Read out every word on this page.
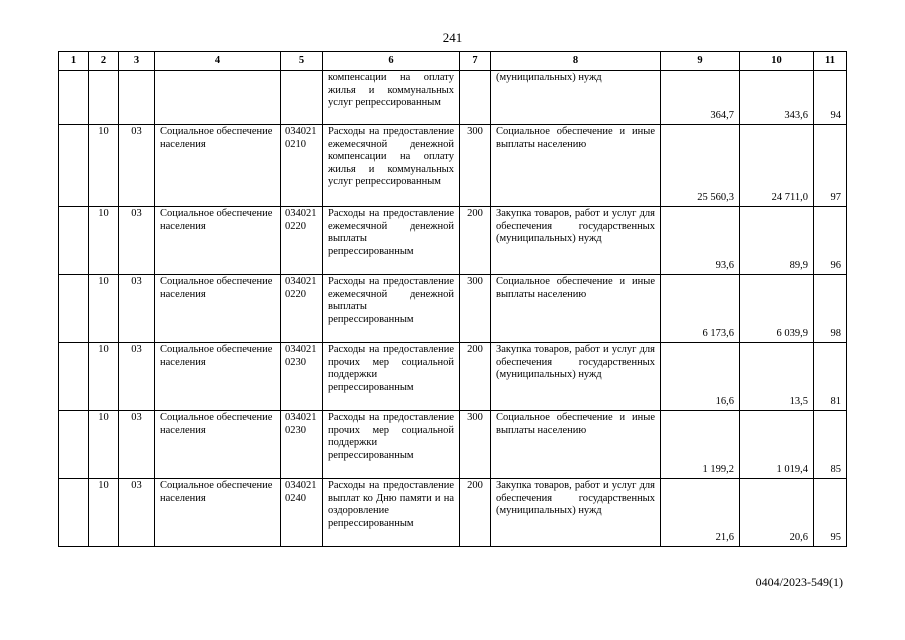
241
1	2	3	4	5	6	7	8	9	10	11
					компенсации на оплату жилья и коммунальных услуг репрессированным		(муниципальных) нужд	364,7	343,6	94
	10	03	Социальное обеспечение населения	034021 0210	Расходы на предоставление ежемесячной денежной компенсации на оплату жилья и коммунальных услуг репрессированным	300	Социальное обеспечение и иные выплаты населению	25 560,3	24 711,0	97
	10	03	Социальное обеспечение населения	034021 0220	Расходы на предоставление ежемесячной денежной выплаты репрессированным	200	Закупка товаров, работ и услуг для обеспечения государственных (муниципальных) нужд	93,6	89,9	96
	10	03	Социальное обеспечение населения	034021 0220	Расходы на предоставление ежемесячной денежной выплаты репрессированным	300	Социальное обеспечение и иные выплаты населению	6 173,6	6 039,9	98
	10	03	Социальное обеспечение населения	034021 0230	Расходы на предоставление прочих мер социальной поддержки репрессированным	200	Закупка товаров, работ и услуг для обеспечения государственных (муниципальных) нужд	16,6	13,5	81
	10	03	Социальное обеспечение населения	034021 0230	Расходы на предоставление прочих мер социальной поддержки репрессированным	300	Социальное обеспечение и иные выплаты населению	1 199,2	1 019,4	85
	10	03	Социальное обеспечение населения	034021 0240	Расходы на предоставление выплат ко Дню памяти и на оздоровление репрессированным	200	Закупка товаров, работ и услуг для обеспечения государственных (муниципальных) нужд	21,6	20,6	95
0404/2023-549(1)
